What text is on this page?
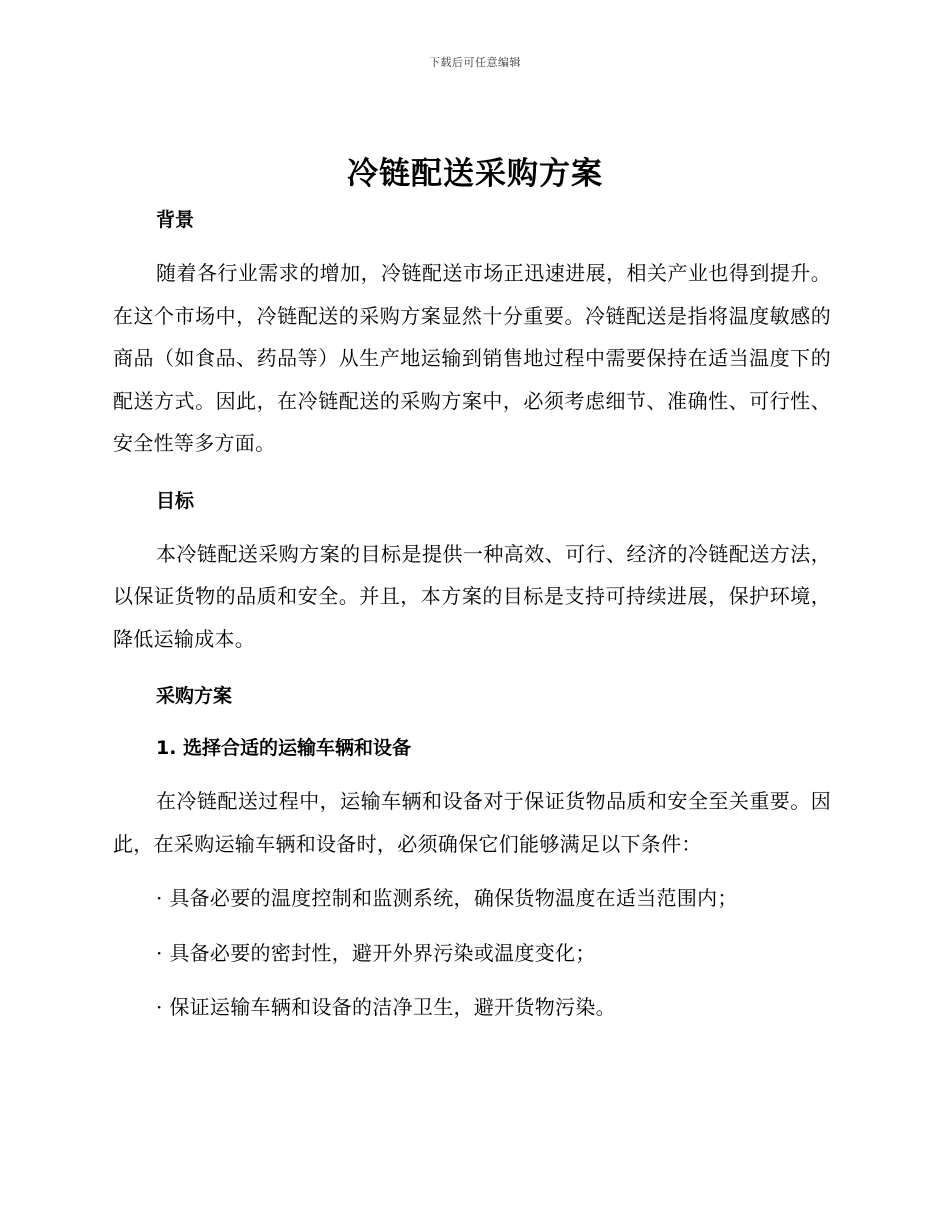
下载后可任意编辑
冷链配送采购方案
背景

随着各行业需求的增加，冷链配送市场正迅速进展，相关产业也得到提升。在这个市场中，冷链配送的采购方案显然十分重要。冷链配送是指将温度敏感的商品（如食品、药品等）从生产地运输到销售地过程中需要保持在适当温度下的配送方式。因此，在冷链配送的采购方案中，必须考虑细节、准确性、可行性、安全性等多方面。

目标

本冷链配送采购方案的目标是提供一种高效、可行、经济的冷链配送方法，以保证货物的品质和安全。并且，本方案的目标是支持可持续进展，保护环境，降低运输成本。

采购方案
1. 选择合适的运输车辆和设备

在冷链配送过程中，运输车辆和设备对于保证货物品质和安全至关重要。因此，在采购运输车辆和设备时，必须确保它们能够满足以下条件：

· 具备必要的温度控制和监测系统，确保货物温度在适当范围内；

· 具备必要的密封性，避开外界污染或温度变化；

· 保证运输车辆和设备的洁净卫生，避开货物污染。
